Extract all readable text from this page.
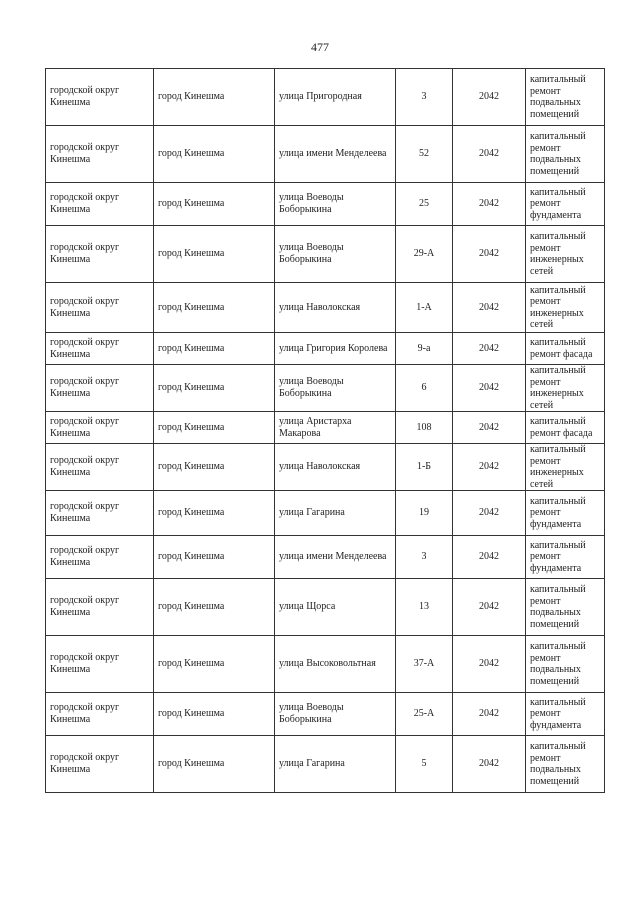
477
городской округ Кинешма	город Кинешма	улица Пригородная	3	2042	капитальный ремонт подвальных помещений
городской округ Кинешма	город Кинешма	улица имени Менделеева	52	2042	капитальный ремонт подвальных помещений
городской округ Кинешма	город Кинешма	улица Воеводы Боборыкина	25	2042	капитальный ремонт фундамента
городской округ Кинешма	город Кинешма	улица Воеводы Боборыкина	29-А	2042	капитальный ремонт инженерных сетей
городской округ Кинешма	город Кинешма	улица Наволокская	1-А	2042	капитальный ремонт инженерных сетей
городской округ Кинешма	город Кинешма	улица Григория Королева	9-а	2042	капитальный ремонт фасада
городской округ Кинешма	город Кинешма	улица Воеводы Боборыкина	6	2042	капитальный ремонт инженерных сетей
городской округ Кинешма	город Кинешма	улица Аристарха Макарова	108	2042	капитальный ремонт фасада
городской округ Кинешма	город Кинешма	улица Наволокская	1-Б	2042	капитальный ремонт инженерных сетей
городской округ Кинешма	город Кинешма	улица Гагарина	19	2042	капитальный ремонт фундамента
городской округ Кинешма	город Кинешма	улица имени Менделеева	3	2042	капитальный ремонт фундамента
городской округ Кинешма	город Кинешма	улица Щорса	13	2042	капитальный ремонт подвальных помещений
городской округ Кинешма	город Кинешма	улица Высоковольтная	37-А	2042	капитальный ремонт подвальных помещений
городской округ Кинешма	город Кинешма	улица Воеводы Боборыкина	25-А	2042	капитальный ремонт фундамента
городской округ Кинешма	город Кинешма	улица Гагарина	5	2042	капитальный ремонт подвальных помещений
